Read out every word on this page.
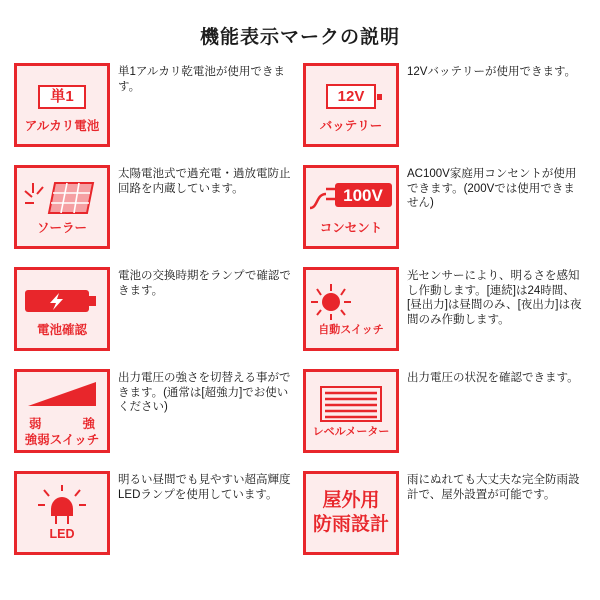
機能表示マークの説明
単1
アルカリ電池
単1アルカリ乾電池が使用できます。
12V
バッテリー
12Vバッテリーが使用できます。
ソーラー
太陽電池式で過充電・過放電防止回路を内蔵しています。	100V
コンセント
AC100V家庭用コンセントが使用できます。(200Vでは使用できません)
電池確認
電池の交換時期をランプで確認できます。
自動スイッチ
光センサーにより、明るさを感知し作動します。[連続]は24時間、[昼出力]は昼間のみ、[夜出力]は夜間のみ作動します。
弱	強
強弱スイッチ
出力電圧の強さを切替える事ができます。(通常は[超強力]でお使いください)
レベルメーター
出力電圧の状況を確認できます。
LED
明るい昼間でも見やすい超高輝度LEDランプを使用しています。	屋外用
防雨設計
雨にぬれても大丈夫な完全防雨設計で、屋外設置が可能です。
